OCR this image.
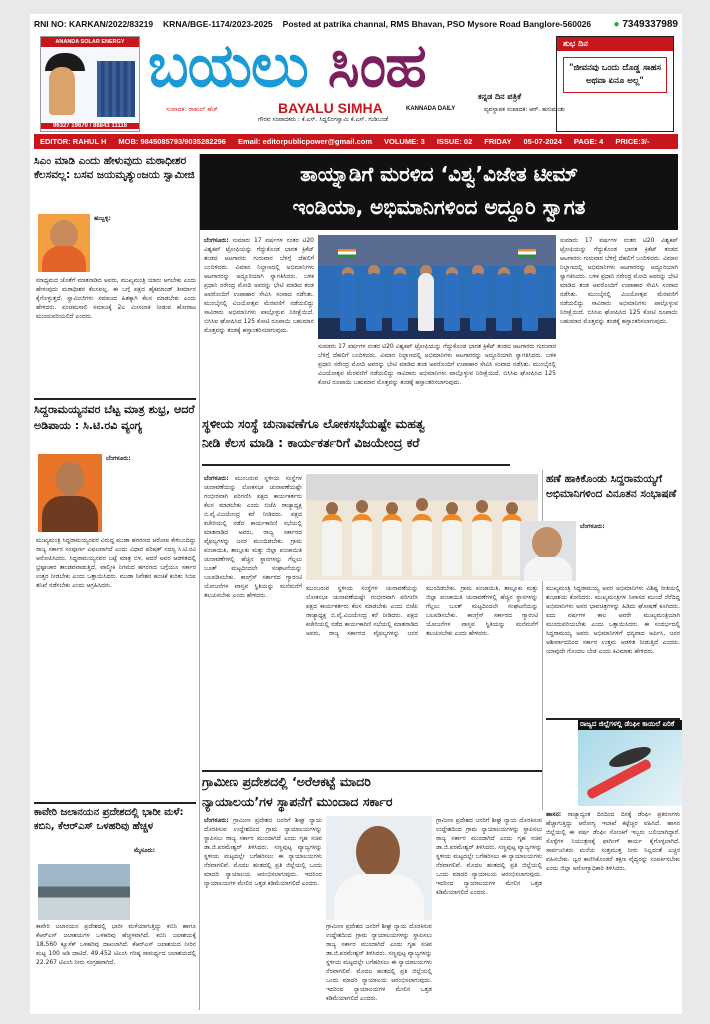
RNI NO: KARKAN/2022/83219 KRNA/BGE-1174/2023-2025 Posted at patrika channal, RMS Bhavan, PSO Mysore Road Banglore-560026 ● 7349337989
ANANDA SOLAR ENERGY
96327 19670 / 88843 11116
ಬಯಲು ಸಿಂಹ	ಕನ್ನಡ ದಿನ ಪತ್ರಿಕೆ
ಸಂಪಾದಕ: ರಾಹುಲ್ ಹೆಚ್	BAYALU SIMHA	KANNADA DAILY	ವ್ಯವಸ್ಥಾಪಕ ಸಂಪಾದಕ: ಆರ್. ಹನುಮಂತು
ಗೌರವ ಸಂಪಾದಕರು : ಕೆ.ಎಸ್. ಸಿದ್ದಲಿಂಗಸ್ವಾಮಿ ಕೆ.ಎಸ್. ಗುಡಿಬಂಡೆ
ಶುಭ ದಿನ
"ಜೀವನವು ಒಂದು ದೊಡ್ಡ ಸಾಹಸ ಅಥವಾ ಏನೂ ಅಲ್ಲ"
EDITOR: RAHUL H MOB: 9845085793/9035282296 Email: editorpublicpower@gmail.com VOLUME: 3 ISSUE: 02 FRIDAY 05-07-2024 PAGE: 4 PRICE:3/-
ಸಿಎಂ ಮಾಡಿ ಎಂದು ಹೇಳುವುದು ಮಠಾಧೀಶರ ಕೆಲಸವಲ್ಲ: ಬಸವ ಜಯಮೃತ್ಯುಂಜಯ ಸ್ವಾಮೀಜಿ
ಹುಬ್ಬಳ್ಳಿ:
ಮಾಧ್ಯಮದ ಜೊತೆಗೆ ಮಾತನಾಡಿದ ಅವರು, ಮುಖ್ಯಮಂತ್ರಿ ಯಾರು ಆಗಬೇಕು ಎಂದು ಹೇಳುವುದು ಮಠಾಧೀಶರ ಕೆಲಸವಲ್ಲ. ಈ ಬಗ್ಗೆ ಪಕ್ಷದ ಹೈಕಮಾಂಡ್ ತೀರ್ಮಾನ ಕೈಗೊಳ್ಳುತ್ತದೆ. ಸ್ವಾಮೀಜಿಗಳು ಸಮಾಜದ ಹಿತಕ್ಕಾಗಿ ಕೆಲಸ ಮಾಡಬೇಕು ಎಂದು ಹೇಳಿದರು. ಪಂಚಮಸಾಲಿ ಸಮಾಜಕ್ಕೆ 2ಎ ಮೀಸಲಾತಿ ನೀಡುವ ಹೋರಾಟ ಮುಂದುವರಿಯಲಿದೆ ಎಂದರು.
ಸಿದ್ದರಾಮಯ್ಯನವರ ಬೆಟ್ಟ ಮಾತ್ರ ಶುಭ್ರ, ಆದರೆ ಅಡಿಪಾಯ : ಸಿ.ಟಿ.ರವಿ ವ್ಯಂಗ್ಯ
ಬೆಂಗಳೂರು:
ಮುಖ್ಯಮಂತ್ರಿ ಸಿದ್ದರಾಮಯ್ಯನವರ ವಿರುದ್ಧ ಮುಡಾ ಹಗರಣದ ಆರೋಪ ಕೇಳಿಬಂದಿದ್ದು ರಾಜ್ಯ ಸರ್ಕಾರ ಸಂಪೂರ್ಣ ವಿಫಲವಾಗಿದೆ ಎಂದು ವಿಧಾನ ಪರಿಷತ್ ಸದಸ್ಯ ಸಿ.ಟಿ.ರವಿ ಆರೋಪಿಸಿದರು. ಸಿದ್ದರಾಮಯ್ಯನವರ ಬಟ್ಟೆ ಮಾತ್ರ ಬಿಳಿ, ಆದರೆ ಅವರ ಆಡಳಿತದಲ್ಲಿ ಭ್ರಷ್ಟಾಚಾರ ತಾಂಡವವಾಡುತ್ತಿದೆ. ವಾಲ್ಮೀಕಿ ನಿಗಮದ ಹಗರಣದ ಬಗ್ಗೆಯೂ ಸರ್ಕಾರ ಉತ್ತರ ನೀಡಬೇಕು ಎಂದು ಒತ್ತಾಯಿಸಿದರು. ಮುಡಾ ನಿವೇಶನ ಹಂಚಿಕೆ ಕುರಿತು ಸಿಬಿಐ ತನಿಖೆ ನಡೆಸಬೇಕು ಎಂದು ಆಗ್ರಹಿಸಿದರು.
ಕಾವೇರಿ ಜಲಾನಯನ ಪ್ರದೇಶದಲ್ಲಿ ಭಾರೀ ಮಳೆ: ಕಬಿನಿ, ಕೆಆರ್‌ಎಸ್ ಒಳಹರಿವು ಹೆಚ್ಚಳ
ಮೈಸೂರು:
ಕಾವೇರಿ ಜಲಾನಯನ ಪ್ರದೇಶದಲ್ಲಿ ಭಾರೀ ಮಳೆಯಾಗುತ್ತಿದ್ದು ಕಬಿನಿ ಹಾಗೂ ಕೆಆರ್‌ಎಸ್ ಜಲಾಶಯಗಳ ಒಳಹರಿವು ಹೆಚ್ಚಳವಾಗಿದೆ. ಕಬಿನಿ ಜಲಾಶಯಕ್ಕೆ 18,560 ಕ್ಯೂಸೆಕ್ ಒಳಹರಿವು ದಾಖಲಾಗಿದೆ. ಕೆಆರ್‌ಎಸ್ ಜಲಾಶಯದ ನೀರಿನ ಮಟ್ಟ 100 ಅಡಿ ದಾಟಿದೆ. 49.452 ಟಿಎಂಸಿ ಗರಿಷ್ಠ ಸಾಮರ್ಥ್ಯದ ಜಲಾಶಯದಲ್ಲಿ 22.267 ಟಿಎಂಸಿ ನೀರು ಸಂಗ್ರಹವಾಗಿದೆ.
ತಾಯ್ನಾಡಿಗೆ ಮರಳಿದ ‘ವಿಶ್ವ’ವಿಜೇತ ಟೀಮ್
ಇಂಡಿಯಾ, ಅಭಿಮಾನಿಗಳಿಂದ ಅದ್ದೂರಿ ಸ್ವಾಗತ
ಬೆಂಗಳೂರು: ಸುಮಾರು 17 ವರ್ಷಗಳ ನಂತರ ಟಿ20 ವಿಶ್ವಕಪ್ ಟ್ರೋಫಿಯನ್ನು ಗೆದ್ದುಕೊಂಡ ಭಾರತ ಕ್ರಿಕೆಟ್ ತಂಡದ ಆಟಗಾರರು ಗುರುವಾರ ಬೆಳಿಗ್ಗೆ ದೆಹಲಿಗೆ ಬಂದಿಳಿದರು. ವಿಮಾನ ನಿಲ್ದಾಣದಲ್ಲಿ ಅಭಿಮಾನಿಗಳು ಆಟಗಾರರನ್ನು ಅದ್ದೂರಿಯಾಗಿ ಸ್ವಾಗತಿಸಿದರು. ಬಳಿಕ ಪ್ರಧಾನಿ ನರೇಂದ್ರ ಮೋದಿ ಅವರನ್ನು ಭೇಟಿ ಮಾಡಿದ ತಂಡ ಅವರೊಂದಿಗೆ ಉಪಾಹಾರ ಸೇವಿಸಿ ಸಂವಾದ ನಡೆಸಿತು. ಮುಂಬೈನಲ್ಲಿ ವಿಜಯೋತ್ಸವ ಮೆರವಣಿಗೆ ನಡೆಯಲಿದ್ದು ಸಾವಿರಾರು ಅಭಿಮಾನಿಗಳು ಪಾಲ್ಗೊಳ್ಳುವ ನಿರೀಕ್ಷೆಯಿದೆ. ಬಿಸಿಸಿಐ ಘೋಷಿಸಿದ 125 ಕೋಟಿ ರೂಪಾಯಿ ಬಹುಮಾನ ಮೊತ್ತವನ್ನು ತಂಡಕ್ಕೆ ಹಸ್ತಾಂತರಿಸಲಾಗುವುದು.
ಸುಮಾರು 17 ವರ್ಷಗಳ ನಂತರ ಟಿ20 ವಿಶ್ವಕಪ್ ಟ್ರೋಫಿಯನ್ನು ಗೆದ್ದುಕೊಂಡ ಭಾರತ ಕ್ರಿಕೆಟ್ ತಂಡದ ಆಟಗಾರರು ಗುರುವಾರ ಬೆಳಿಗ್ಗೆ ದೆಹಲಿಗೆ ಬಂದಿಳಿದರು. ವಿಮಾನ ನಿಲ್ದಾಣದಲ್ಲಿ ಅಭಿಮಾನಿಗಳು ಆಟಗಾರರನ್ನು ಅದ್ದೂರಿಯಾಗಿ ಸ್ವಾಗತಿಸಿದರು. ಬಳಿಕ ಪ್ರಧಾನಿ ನರೇಂದ್ರ ಮೋದಿ ಅವರನ್ನು ಭೇಟಿ ಮಾಡಿದ ತಂಡ ಅವರೊಂದಿಗೆ ಉಪಾಹಾರ ಸೇವಿಸಿ ಸಂವಾದ ನಡೆಸಿತು. ಮುಂಬೈನಲ್ಲಿ ವಿಜಯೋತ್ಸವ ಮೆರವಣಿಗೆ ನಡೆಯಲಿದ್ದು ಸಾವಿರಾರು ಅಭಿಮಾನಿಗಳು ಪಾಲ್ಗೊಳ್ಳುವ ನಿರೀಕ್ಷೆಯಿದೆ. ಬಿಸಿಸಿಐ ಘೋಷಿಸಿದ 125 ಕೋಟಿ ರೂಪಾಯಿ ಬಹುಮಾನ ಮೊತ್ತವನ್ನು ತಂಡಕ್ಕೆ ಹಸ್ತಾಂತರಿಸಲಾಗುವುದು.
ಸುಮಾರು 17 ವರ್ಷಗಳ ನಂತರ ಟಿ20 ವಿಶ್ವಕಪ್ ಟ್ರೋಫಿಯನ್ನು ಗೆದ್ದುಕೊಂಡ ಭಾರತ ಕ್ರಿಕೆಟ್ ತಂಡದ ಆಟಗಾರರು ಗುರುವಾರ ಬೆಳಿಗ್ಗೆ ದೆಹಲಿಗೆ ಬಂದಿಳಿದರು. ವಿಮಾನ ನಿಲ್ದಾಣದಲ್ಲಿ ಅಭಿಮಾನಿಗಳು ಆಟಗಾರರನ್ನು ಅದ್ದೂರಿಯಾಗಿ ಸ್ವಾಗತಿಸಿದರು. ಬಳಿಕ ಪ್ರಧಾನಿ ನರೇಂದ್ರ ಮೋದಿ ಅವರನ್ನು ಭೇಟಿ ಮಾಡಿದ ತಂಡ ಅವರೊಂದಿಗೆ ಉಪಾಹಾರ ಸೇವಿಸಿ ಸಂವಾದ ನಡೆಸಿತು. ಮುಂಬೈನಲ್ಲಿ ವಿಜಯೋತ್ಸವ ಮೆರವಣಿಗೆ ನಡೆಯಲಿದ್ದು ಸಾವಿರಾರು ಅಭಿಮಾನಿಗಳು ಪಾಲ್ಗೊಳ್ಳುವ ನಿರೀಕ್ಷೆಯಿದೆ. ಬಿಸಿಸಿಐ ಘೋಷಿಸಿದ 125 ಕೋಟಿ ರೂಪಾಯಿ ಬಹುಮಾನ ಮೊತ್ತವನ್ನು ತಂಡಕ್ಕೆ ಹಸ್ತಾಂತರಿಸಲಾಗುವುದು.
ಸ್ಥಳೀಯ ಸಂಸ್ಥೆ ಚುನಾವಣೆಗೂ ಲೋಕಸಭೆಯಷ್ಟೇ ಮಹತ್ವ
ನೀಡಿ ಕೆಲಸ ಮಾಡಿ : ಕಾರ್ಯಕರ್ತರಿಗೆ ವಿಜಯೇಂದ್ರ ಕರೆ
ಬೆಂಗಳೂರು: ಮುಂಬರುವ ಸ್ಥಳೀಯ ಸಂಸ್ಥೆಗಳ ಚುನಾವಣೆಯನ್ನು ಲೋಕಸಭಾ ಚುನಾವಣೆಯಷ್ಟೇ ಗಂಭೀರವಾಗಿ ಪರಿಗಣಿಸಿ ಪಕ್ಷದ ಕಾರ್ಯಕರ್ತರು ಕೆಲಸ ಮಾಡಬೇಕು ಎಂದು ಬಿಜೆಪಿ ರಾಜ್ಯಾಧ್ಯಕ್ಷ ಬಿ.ವೈ.ವಿಜಯೇಂದ್ರ ಕರೆ ನೀಡಿದರು. ಪಕ್ಷದ ಕಚೇರಿಯಲ್ಲಿ ನಡೆದ ಕಾರ್ಯಕಾರಿಣಿ ಸಭೆಯಲ್ಲಿ ಮಾತನಾಡಿದ ಅವರು, ರಾಜ್ಯ ಸರ್ಕಾರದ ವೈಫಲ್ಯಗಳನ್ನು ಜನರ ಮುಂದಿಡಬೇಕು. ಗ್ರಾಮ ಪಂಚಾಯಿತಿ, ತಾಲ್ಲೂಕು ಮತ್ತು ಜಿಲ್ಲಾ ಪಂಚಾಯಿತಿ ಚುನಾವಣೆಗಳಲ್ಲಿ ಹೆಚ್ಚಿನ ಸ್ಥಾನಗಳನ್ನು ಗೆಲ್ಲಲು ಬೂತ್ ಮಟ್ಟದಿಂದಲೇ ಸಂಘಟನೆಯನ್ನು ಬಲಪಡಿಸಬೇಕು. ಕಾಂಗ್ರೆಸ್ ಸರ್ಕಾರದ ಗ್ಯಾರಂಟಿ ಯೋಜನೆಗಳ ವಾಸ್ತವ ಸ್ಥಿತಿಯನ್ನು ಮನೆಮನೆಗೆ ತಲುಪಿಸಬೇಕು ಎಂದು ಹೇಳಿದರು.
ಮುಂಬರುವ ಸ್ಥಳೀಯ ಸಂಸ್ಥೆಗಳ ಚುನಾವಣೆಯನ್ನು ಲೋಕಸಭಾ ಚುನಾವಣೆಯಷ್ಟೇ ಗಂಭೀರವಾಗಿ ಪರಿಗಣಿಸಿ ಪಕ್ಷದ ಕಾರ್ಯಕರ್ತರು ಕೆಲಸ ಮಾಡಬೇಕು ಎಂದು ಬಿಜೆಪಿ ರಾಜ್ಯಾಧ್ಯಕ್ಷ ಬಿ.ವೈ.ವಿಜಯೇಂದ್ರ ಕರೆ ನೀಡಿದರು. ಪಕ್ಷದ ಕಚೇರಿಯಲ್ಲಿ ನಡೆದ ಕಾರ್ಯಕಾರಿಣಿ ಸಭೆಯಲ್ಲಿ ಮಾತನಾಡಿದ ಅವರು, ರಾಜ್ಯ ಸರ್ಕಾರದ ವೈಫಲ್ಯಗಳನ್ನು ಜನರ ಮುಂದಿಡಬೇಕು. ಗ್ರಾಮ ಪಂಚಾಯಿತಿ, ತಾಲ್ಲೂಕು ಮತ್ತು ಜಿಲ್ಲಾ ಪಂಚಾಯಿತಿ ಚುನಾವಣೆಗಳಲ್ಲಿ ಹೆಚ್ಚಿನ ಸ್ಥಾನಗಳನ್ನು ಗೆಲ್ಲಲು ಬೂತ್ ಮಟ್ಟದಿಂದಲೇ ಸಂಘಟನೆಯನ್ನು ಬಲಪಡಿಸಬೇಕು. ಕಾಂಗ್ರೆಸ್ ಸರ್ಕಾರದ ಗ್ಯಾರಂಟಿ ಯೋಜನೆಗಳ ವಾಸ್ತವ ಸ್ಥಿತಿಯನ್ನು ಮನೆಮನೆಗೆ ತಲುಪಿಸಬೇಕು ಎಂದು ಹೇಳಿದರು.
ಹಣೆ ಹಾಕಿಕೊಂಡು ಸಿದ್ದರಾಮಯ್ಯಗೆ ಅಭಿಮಾನಿಗಳಿಂದ ವಿನೂತನ ಸಂಭಾಷಣೆ
ಬೆಂಗಳೂರು:
ಮುಖ್ಯಮಂತ್ರಿ ಸಿದ್ದರಾಮಯ್ಯ ಅವರ ಅಭಿಮಾನಿಗಳು ವಿಶಿಷ್ಟ ರೀತಿಯಲ್ಲಿ ಶುಭಾಶಯ ಕೋರಿದರು. ಮುಖ್ಯಮಂತ್ರಿಗಳ ನಿವಾಸದ ಮುಂದೆ ನೆರೆದಿದ್ದ ಅಭಿಮಾನಿಗಳು ಅವರ ಭಾವಚಿತ್ರಗಳನ್ನು ಹಿಡಿದು ಘೋಷಣೆ ಕೂಗಿದರು. ಐದು ವರ್ಷಗಳ ಕಾಲ ಅವರೇ ಮುಖ್ಯಮಂತ್ರಿಯಾಗಿ ಮುಂದುವರಿಯಬೇಕು ಎಂದು ಒತ್ತಾಯಿಸಿದರು. ಈ ಸಂದರ್ಭದಲ್ಲಿ ಸಿದ್ದರಾಮಯ್ಯ ಅವರು ಅಭಿಮಾನಿಗಳಿಗೆ ಧನ್ಯವಾದ ಅರ್ಪಿಸಿ, ಜನರ ಆಶೀರ್ವಾದದಿಂದ ಸರ್ಕಾರ ಉತ್ತಮ ಆಡಳಿತ ನೀಡುತ್ತಿದೆ ಎಂದರು. ಯಾವುದೇ ಗೊಂದಲ ಬೇಡ ಎಂದು ಕಿವಿಮಾತು ಹೇಳಿದರು.
ರಾಜ್ಯದ ಜಿಲ್ಲೆಗಳಲ್ಲಿ ಡೆಂಘೀ ಕಾಯಿಲೆ ಏರಿಕೆ
ಹಾಸನ: ರಾಜ್ಯಾದ್ಯಂತ ದಿನದಿಂದ ದಿನಕ್ಕೆ ಡೆಂಘೀ ಪ್ರಕರಣಗಳು ಹೆಚ್ಚಾಗುತ್ತಿದ್ದು ಆರೋಗ್ಯ ಇಲಾಖೆ ಕಟ್ಟೆಚ್ಚರ ವಹಿಸಿದೆ. ಹಾಸನ ಜಿಲ್ಲೆಯಲ್ಲಿ ಈ ವರ್ಷ ಡೆಂಘೀ ಸೋಂಕಿಗೆ ಇಬ್ಬರು ಬಲಿಯಾಗಿದ್ದಾರೆ. ಸೊಳ್ಳೆಗಳ ನಿಯಂತ್ರಣಕ್ಕೆ ಫಾಗಿಂಗ್ ಕಾರ್ಯ ಕೈಗೊಳ್ಳಲಾಗಿದೆ. ಸಾರ್ವಜನಿಕರು ಮನೆಯ ಸುತ್ತಮುತ್ತ ನೀರು ನಿಲ್ಲದಂತೆ ಎಚ್ಚರ ವಹಿಸಬೇಕು. ಜ್ವರ ಕಾಣಿಸಿಕೊಂಡರೆ ತಕ್ಷಣ ವೈದ್ಯರನ್ನು ಸಂಪರ್ಕಿಸಬೇಕು ಎಂದು ಜಿಲ್ಲಾ ಆರೋಗ್ಯಾಧಿಕಾರಿ ತಿಳಿಸಿದರು.
ಗ್ರಾಮೀಣ ಪ್ರದೇಶದಲ್ಲಿ ‘ಅರೆಆಕಟ್ಟೆ ಮಾದರಿ
ನ್ಯಾಯಾಲಯ’ಗಳ ಸ್ಥಾಪನೆಗೆ ಮುಂದಾದ ಸರ್ಕಾರ
ಬೆಂಗಳೂರು: ಗ್ರಾಮೀಣ ಪ್ರದೇಶದ ಜನರಿಗೆ ಶೀಘ್ರ ನ್ಯಾಯ ದೊರಕಿಸುವ ಉದ್ದೇಶದಿಂದ ಗ್ರಾಮ ನ್ಯಾಯಾಲಯಗಳನ್ನು ಸ್ಥಾಪಿಸಲು ರಾಜ್ಯ ಸರ್ಕಾರ ಮುಂದಾಗಿದೆ ಎಂದು ಗೃಹ ಸಚಿವ ಡಾ.ಜಿ.ಪರಮೇಶ್ವರ್ ತಿಳಿಸಿದರು. ಸಣ್ಣಪುಟ್ಟ ವ್ಯಾಜ್ಯಗಳನ್ನು ಸ್ಥಳೀಯ ಮಟ್ಟದಲ್ಲೇ ಬಗೆಹರಿಸಲು ಈ ನ್ಯಾಯಾಲಯಗಳು ನೆರವಾಗಲಿವೆ. ಮೊದಲ ಹಂತದಲ್ಲಿ ಪ್ರತಿ ಜಿಲ್ಲೆಯಲ್ಲಿ ಒಂದು ಮಾದರಿ ನ್ಯಾಯಾಲಯ ಆರಂಭಿಸಲಾಗುವುದು. ಇದರಿಂದ ನ್ಯಾಯಾಲಯಗಳ ಮೇಲಿನ ಒತ್ತಡ ಕಡಿಮೆಯಾಗಲಿದೆ ಎಂದರು.
ಗ್ರಾಮೀಣ ಪ್ರದೇಶದ ಜನರಿಗೆ ಶೀಘ್ರ ನ್ಯಾಯ ದೊರಕಿಸುವ ಉದ್ದೇಶದಿಂದ ಗ್ರಾಮ ನ್ಯಾಯಾಲಯಗಳನ್ನು ಸ್ಥಾಪಿಸಲು ರಾಜ್ಯ ಸರ್ಕಾರ ಮುಂದಾಗಿದೆ ಎಂದು ಗೃಹ ಸಚಿವ ಡಾ.ಜಿ.ಪರಮೇಶ್ವರ್ ತಿಳಿಸಿದರು. ಸಣ್ಣಪುಟ್ಟ ವ್ಯಾಜ್ಯಗಳನ್ನು ಸ್ಥಳೀಯ ಮಟ್ಟದಲ್ಲೇ ಬಗೆಹರಿಸಲು ಈ ನ್ಯಾಯಾಲಯಗಳು ನೆರವಾಗಲಿವೆ. ಮೊದಲ ಹಂತದಲ್ಲಿ ಪ್ರತಿ ಜಿಲ್ಲೆಯಲ್ಲಿ ಒಂದು ಮಾದರಿ ನ್ಯಾಯಾಲಯ ಆರಂಭಿಸಲಾಗುವುದು. ಇದರಿಂದ ನ್ಯಾಯಾಲಯಗಳ ಮೇಲಿನ ಒತ್ತಡ ಕಡಿಮೆಯಾಗಲಿದೆ ಎಂದರು.
ಗ್ರಾಮೀಣ ಪ್ರದೇಶದ ಜನರಿಗೆ ಶೀಘ್ರ ನ್ಯಾಯ ದೊರಕಿಸುವ ಉದ್ದೇಶದಿಂದ ಗ್ರಾಮ ನ್ಯಾಯಾಲಯಗಳನ್ನು ಸ್ಥಾಪಿಸಲು ರಾಜ್ಯ ಸರ್ಕಾರ ಮುಂದಾಗಿದೆ ಎಂದು ಗೃಹ ಸಚಿವ ಡಾ.ಜಿ.ಪರಮೇಶ್ವರ್ ತಿಳಿಸಿದರು. ಸಣ್ಣಪುಟ್ಟ ವ್ಯಾಜ್ಯಗಳನ್ನು ಸ್ಥಳೀಯ ಮಟ್ಟದಲ್ಲೇ ಬಗೆಹರಿಸಲು ಈ ನ್ಯಾಯಾಲಯಗಳು ನೆರವಾಗಲಿವೆ. ಮೊದಲ ಹಂತದಲ್ಲಿ ಪ್ರತಿ ಜಿಲ್ಲೆಯಲ್ಲಿ ಒಂದು ಮಾದರಿ ನ್ಯಾಯಾಲಯ ಆರಂಭಿಸಲಾಗುವುದು. ಇದರಿಂದ ನ್ಯಾಯಾಲಯಗಳ ಮೇಲಿನ ಒತ್ತಡ ಕಡಿಮೆಯಾಗಲಿದೆ ಎಂದರು.
